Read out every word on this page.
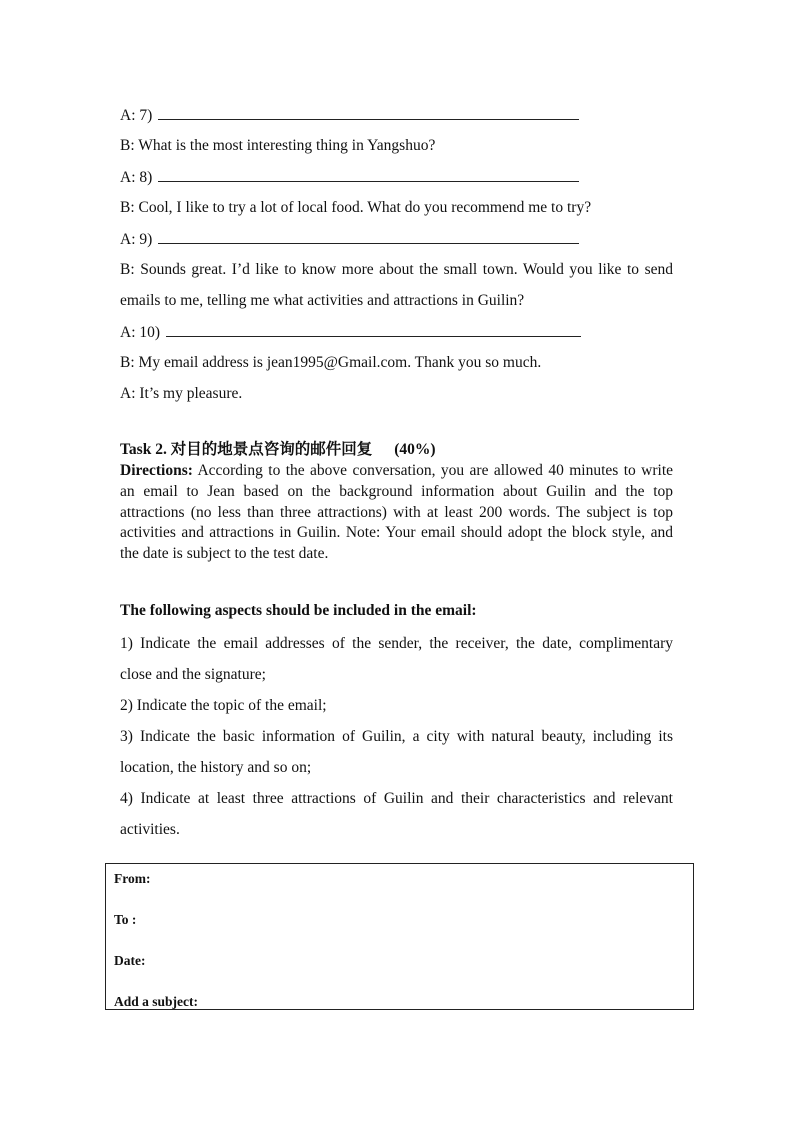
A: 7)
B: What is the most interesting thing in Yangshuo?
A: 8)
B: Cool, I like to try a lot of local food. What do you recommend me to try?
A: 9)
B: Sounds great. I’d like to know more about the small town. Would you like to send
emails to me, telling me what activities and attractions in Guilin?
A: 10)
B: My email address is jean1995@Gmail.com. Thank you so much.
A: It’s my pleasure.
Task 2. 对目的地景点咨询的邮件回复 (40%)
Directions: According to the above conversation, you are allowed 40 minutes to write an email to Jean based on the background information about Guilin and the top attractions (no less than three attractions) with at least 200 words. The subject is top activities and attractions in Guilin. Note: Your email should adopt the block style, and the date is subject to the test date.
The following aspects should be included in the email:
1) Indicate the email addresses of the sender, the receiver, the date, complimentary
close and the signature;
2) Indicate the topic of the email;
3) Indicate the basic information of Guilin, a city with natural beauty, including its
location, the history and so on;
4) Indicate at least three attractions of Guilin and their characteristics and relevant
activities.
From:
To :
Date:
Add a subject:
